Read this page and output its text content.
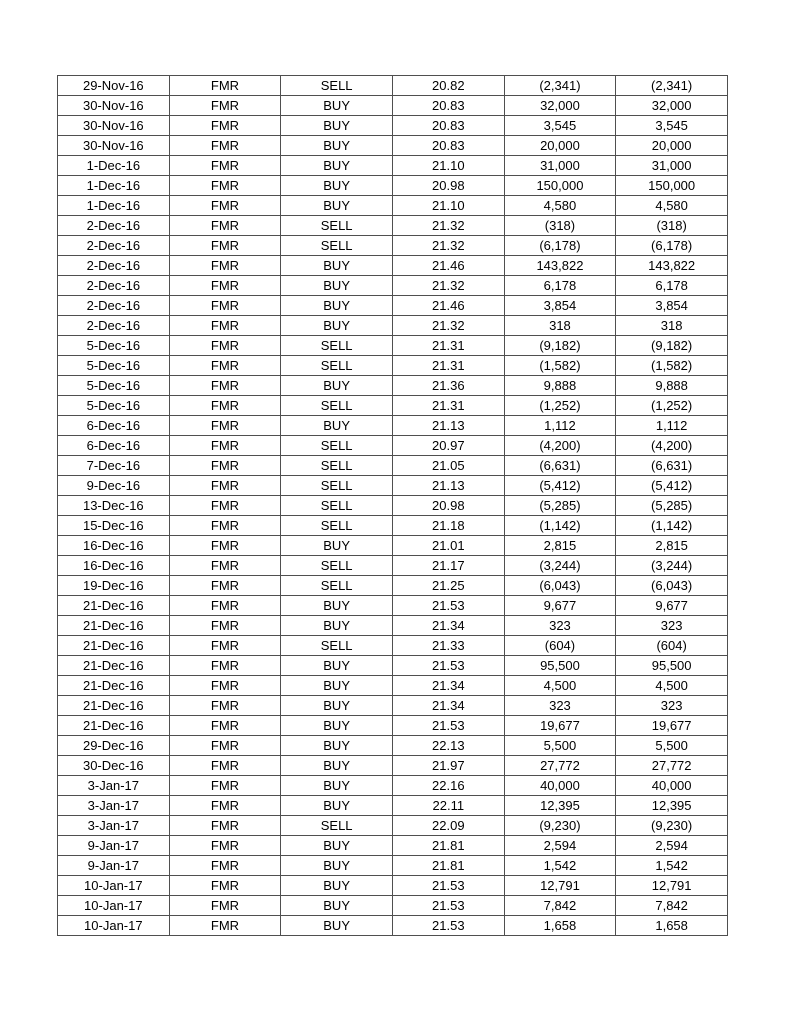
29-Nov-16	FMR	SELL	20.82	(2,341)	(2,341)
30-Nov-16	FMR	BUY	20.83	32,000	32,000
30-Nov-16	FMR	BUY	20.83	3,545	3,545
30-Nov-16	FMR	BUY	20.83	20,000	20,000
1-Dec-16	FMR	BUY	21.10	31,000	31,000
1-Dec-16	FMR	BUY	20.98	150,000	150,000
1-Dec-16	FMR	BUY	21.10	4,580	4,580
2-Dec-16	FMR	SELL	21.32	(318)	(318)
2-Dec-16	FMR	SELL	21.32	(6,178)	(6,178)
2-Dec-16	FMR	BUY	21.46	143,822	143,822
2-Dec-16	FMR	BUY	21.32	6,178	6,178
2-Dec-16	FMR	BUY	21.46	3,854	3,854
2-Dec-16	FMR	BUY	21.32	318	318
5-Dec-16	FMR	SELL	21.31	(9,182)	(9,182)
5-Dec-16	FMR	SELL	21.31	(1,582)	(1,582)
5-Dec-16	FMR	BUY	21.36	9,888	9,888
5-Dec-16	FMR	SELL	21.31	(1,252)	(1,252)
6-Dec-16	FMR	BUY	21.13	1,112	1,112
6-Dec-16	FMR	SELL	20.97	(4,200)	(4,200)
7-Dec-16	FMR	SELL	21.05	(6,631)	(6,631)
9-Dec-16	FMR	SELL	21.13	(5,412)	(5,412)
13-Dec-16	FMR	SELL	20.98	(5,285)	(5,285)
15-Dec-16	FMR	SELL	21.18	(1,142)	(1,142)
16-Dec-16	FMR	BUY	21.01	2,815	2,815
16-Dec-16	FMR	SELL	21.17	(3,244)	(3,244)
19-Dec-16	FMR	SELL	21.25	(6,043)	(6,043)
21-Dec-16	FMR	BUY	21.53	9,677	9,677
21-Dec-16	FMR	BUY	21.34	323	323
21-Dec-16	FMR	SELL	21.33	(604)	(604)
21-Dec-16	FMR	BUY	21.53	95,500	95,500
21-Dec-16	FMR	BUY	21.34	4,500	4,500
21-Dec-16	FMR	BUY	21.34	323	323
21-Dec-16	FMR	BUY	21.53	19,677	19,677
29-Dec-16	FMR	BUY	22.13	5,500	5,500
30-Dec-16	FMR	BUY	21.97	27,772	27,772
3-Jan-17	FMR	BUY	22.16	40,000	40,000
3-Jan-17	FMR	BUY	22.11	12,395	12,395
3-Jan-17	FMR	SELL	22.09	(9,230)	(9,230)
9-Jan-17	FMR	BUY	21.81	2,594	2,594
9-Jan-17	FMR	BUY	21.81	1,542	1,542
10-Jan-17	FMR	BUY	21.53	12,791	12,791
10-Jan-17	FMR	BUY	21.53	7,842	7,842
10-Jan-17	FMR	BUY	21.53	1,658	1,658
